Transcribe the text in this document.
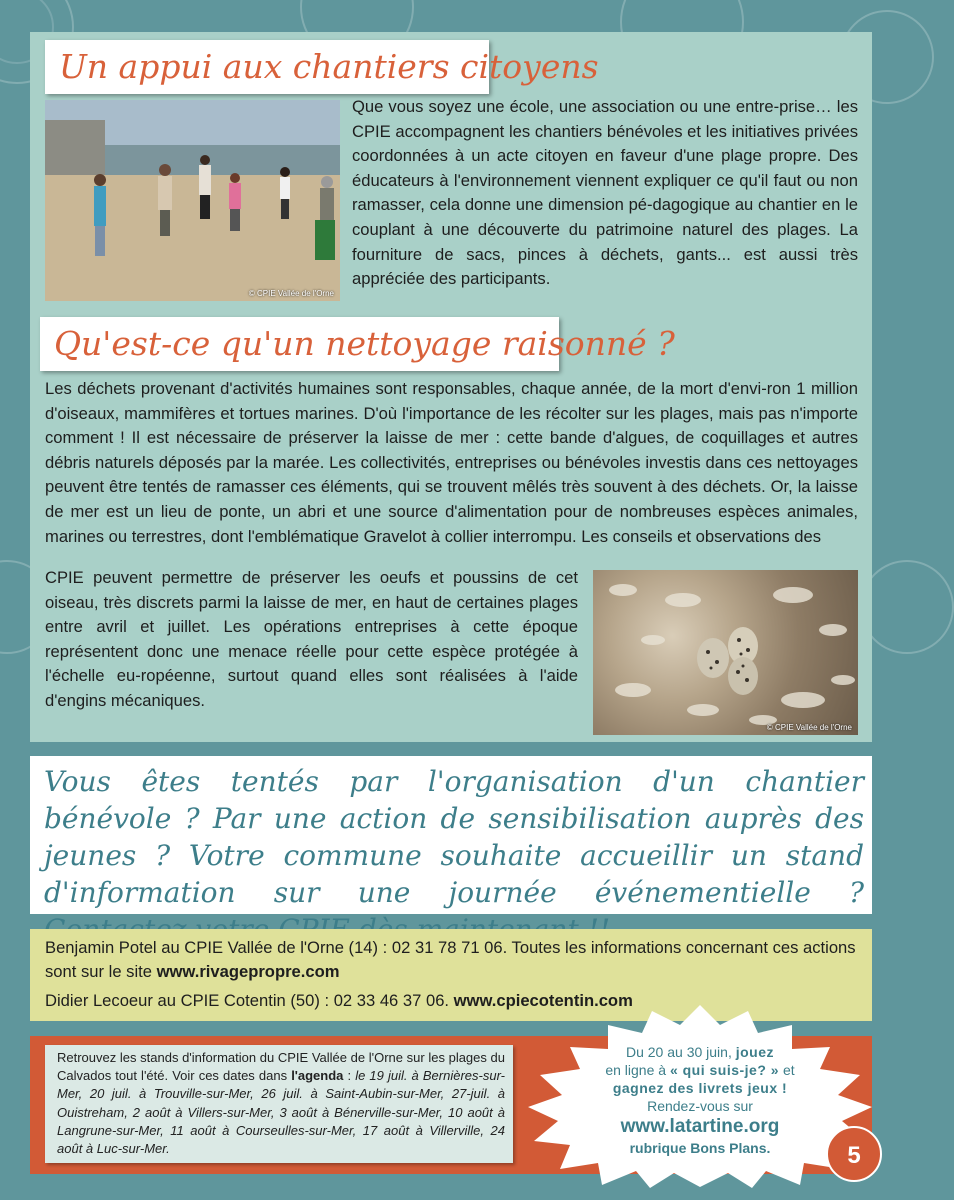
Un appui aux chantiers citoyens
© CPIE Vallée de l'Orne
Que vous soyez une école, une association ou une entre-prise… les CPIE accompagnent les chantiers bénévoles et les initiatives privées coordonnées à un acte citoyen en faveur d'une plage propre. Des éducateurs à l'environnement viennent expliquer ce qu'il faut ou non ramasser, cela donne une dimension pé-dagogique au chantier en le couplant à une découverte du patrimoine naturel des plages. La fourniture de sacs, pinces à déchets, gants... est aussi très appréciée des participants.
Qu'est-ce qu'un nettoyage raisonné ?
Les déchets provenant d'activités humaines sont responsables, chaque année, de la mort d'envi-ron 1 million d'oiseaux, mammifères et tortues marines. D'où l'importance de les récolter sur les plages, mais pas n'importe comment ! Il est nécessaire de préserver la laisse de mer : cette bande d'algues, de coquillages et autres débris naturels déposés par la marée. Les collectivités, entreprises ou bénévoles investis dans ces nettoyages peuvent être tentés de ramasser ces éléments, qui se trouvent mêlés très souvent à des déchets. Or, la laisse de mer est un lieu de ponte, un abri et une source d'alimentation pour de nombreuses espèces animales, marines ou terrestres, dont l'emblématique Gravelot à collier interrompu. Les conseils et observations des
CPIE peuvent permettre de préserver les oeufs et poussins de cet oiseau, très discrets parmi la laisse de mer, en haut de certaines plages entre avril et juillet. Les opérations entreprises à cette époque représentent donc une menace réelle pour cette espèce protégée à l'échelle eu-ropéenne, surtout quand elles sont réalisées à l'aide d'engins mécaniques.
© CPIE Vallée de l'Orne
Vous êtes tentés par l'organisation d'un chantier bénévole ? Par une action de sensibilisation auprès des jeunes ? Votre commune souhaite accueillir un stand d'information sur une journée événementielle ?
Benjamin Potel au CPIE Vallée de l'Orne (14) : 02 31 78 71 06. Toutes les informations concernant ces actions sont sur le site www.rivagepropre.com
Didier Lecoeur au CPIE Cotentin (50) : 02 33 46 37 06. www.cpiecotentin.com
Retrouvez les stands d'information du CPIE Vallée de l'Orne sur les plages du Calvados tout l'été. Voir ces dates dans l'agenda : le 19 juil. à Bernières-sur-Mer, 20 juil. à Trouville-sur-Mer, 26 juil. à Saint-Aubin-sur-Mer, 27-juil. à Ouistreham, 2 août à Villers-sur-Mer, 3 août à Bénerville-sur-Mer, 10 août à Langrune-sur-Mer, 11 août à Courseulles-sur-Mer, 17 août à Villerville, 24 août à Luc-sur-Mer.
Du 20 au 30 juin, jouez
en ligne à « qui suis-je? » et
gagnez des livrets jeux !
Rendez-vous sur
www.latartine.org
rubrique Bons Plans.	5
